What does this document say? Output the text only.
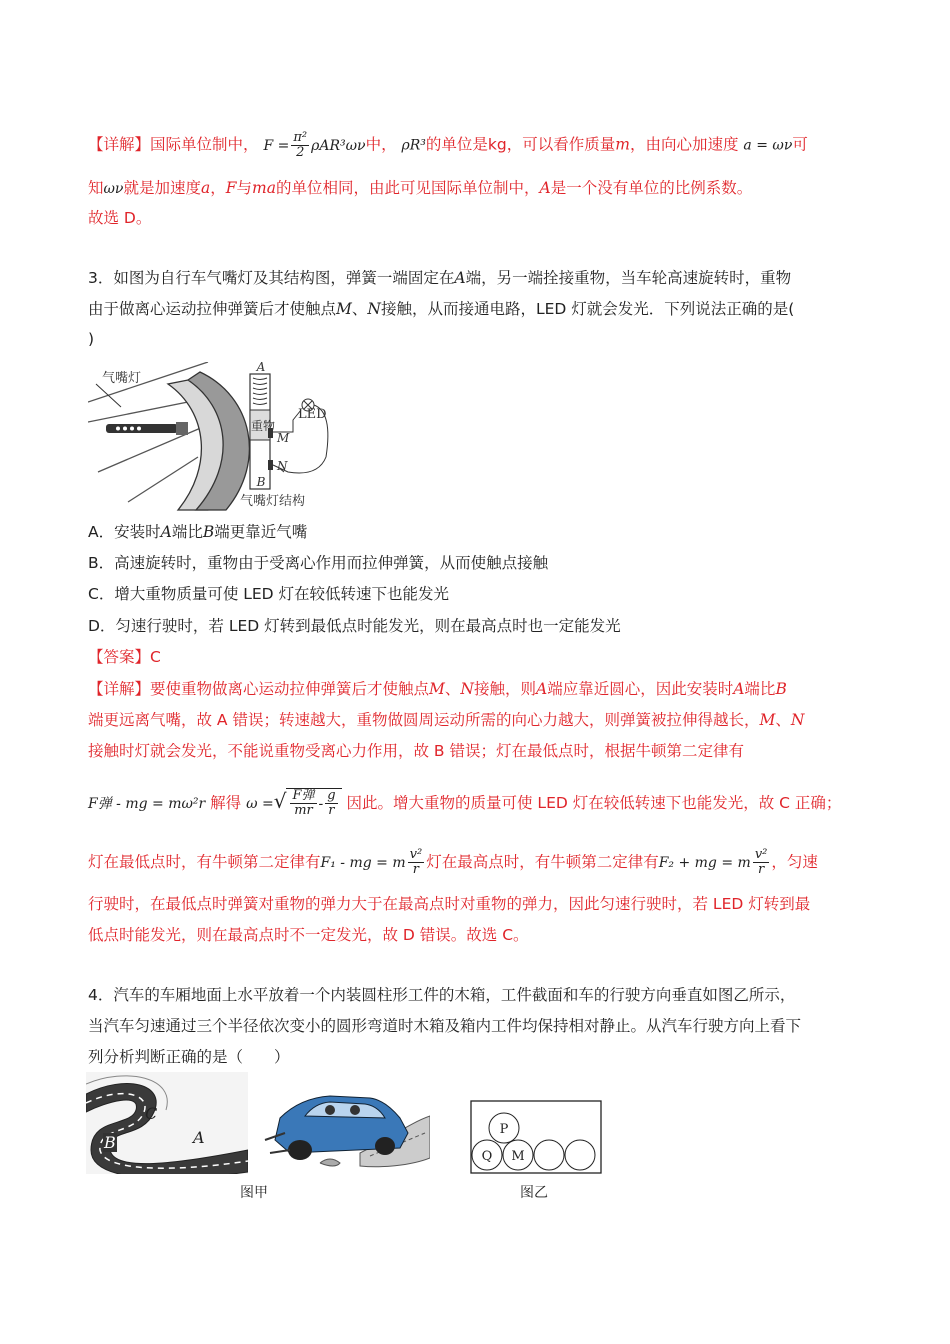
【详解】国际单位制中， $F = \frac{\text{π²}}{2} \rho AR^3\omega\nu$中， ρR³的单位是kg，可以看作质量m，由向心加速度 a = ων可
知ων就是加速度a，F与ma的单位相同，由此可见国际单位制中，A是一个没有单位的比例系数。
故选 D。
3．如图为自行车气嘴灯及其结构图，弹簧一端固定在A端，另一端拴接重物，当车轮高速旋转时，重物
由于做离心运动拉伸弹簧后才使触点M、N接触，从而接通电路，LED 灯就会发光．下列说法正确的是(
)
气嘴灯
A
LED
重物
M
N
B
气嘴灯结构
A．安装时A端比B端更靠近气嘴
B．高速旋转时，重物由于受离心作用而拉伸弹簧，从而使触点接触
C．增大重物质量可使 LED 灯在较低转速下也能发光
D．匀速行驶时，若 LED 灯转到最低点时能发光，则在最高点时也一定能发光
【答案】C
【详解】要使重物做离心运动拉伸弹簧后才使触点M、N接触，则A端应靠近圆心，因此安装时A端比B
端更远离气嘴，故 A 错误；转速越大，重物做圆周运动所需的向心力越大，则弹簧被拉伸得越长，M、N
接触时灯就会发光，不能说重物受离心力作用，故 B 错误；灯在最低点时，根据牛顿第二定律有
F弹 - mg = mω²r 解得 ω =√ $\frac{\text{F弹}}{mr} - \frac{g}{r}$ 因此。增大重物的质量可使 LED 灯在较低转速下也能发光，故 C 正确；
灯在最低点时，有牛顿第二定律有F₁ - mg = m $\frac{\text{v²}}{r}$ 灯在最高点时，有牛顿第二定律有F₂ + mg = m $\frac{\text{v²}}{r}$ ，匀速
行驶时，在最低点时弹簧对重物的弹力大于在最高点时对重物的弹力，因此匀速行驶时，若 LED 灯转到最
低点时能发光，则在最高点时不一定发光，故 D 错误。故选 C。
4．汽车的车厢地面上水平放着一个内装圆柱形工件的木箱，工件截面和车的行驶方向垂直如图乙所示，
当汽车匀速通过三个半径依次变小的圆形弯道时木箱及箱内工件均保持相对静止。从汽车行驶方向上看下
列分析判断正确的是（　　）
C
B	A
图甲
P
Q M
图乙
